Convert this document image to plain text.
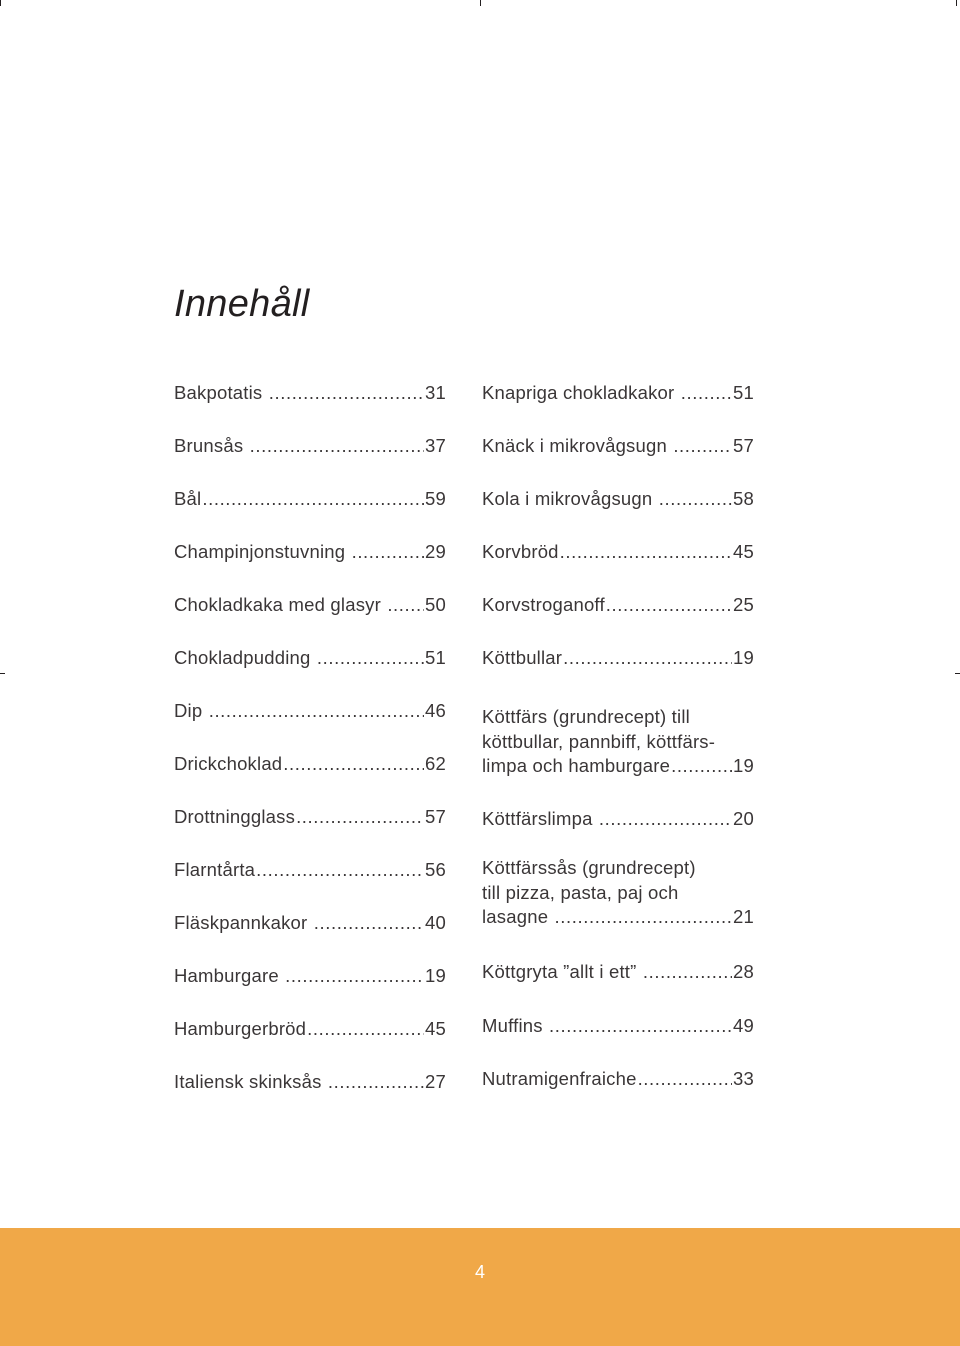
Innehåll
Bakpotatis .....	31
Brunsås .....	37
Bål .....	59
Champinjonstuvning .....	29
Chokladkaka med glasyr ..... 50
Chokladpudding .....	51
Dip .....	46
Drickchoklad .....	62
Drottningglass .....	57
Flarntårta .....	56
Fläskpannkakor .....	40
Hamburgare .....	19
Hamburgerbröd .....	45
Italiensk skinksås .....	27
Knapriga chokladkakor .....	51
Knäck i mikrovågsugn .....	57
Kola i mikrovågsugn .....	58
Korvbröd .....	45
Korvstroganoff .....	25
Köttbullar .....	19
Köttfärs (grundrecept) till
köttbullar, pannbiff, köttfärs-
limpa och hamburgare .....	19
Köttfärslimpa .....	20
Köttfärssås (grundrecept)
till pizza, pasta, paj och
lasagne .....	21
Köttgryta ”allt i ett” .....	28
Muffins .....	49
Nutramigenfraiche .....	33
4
